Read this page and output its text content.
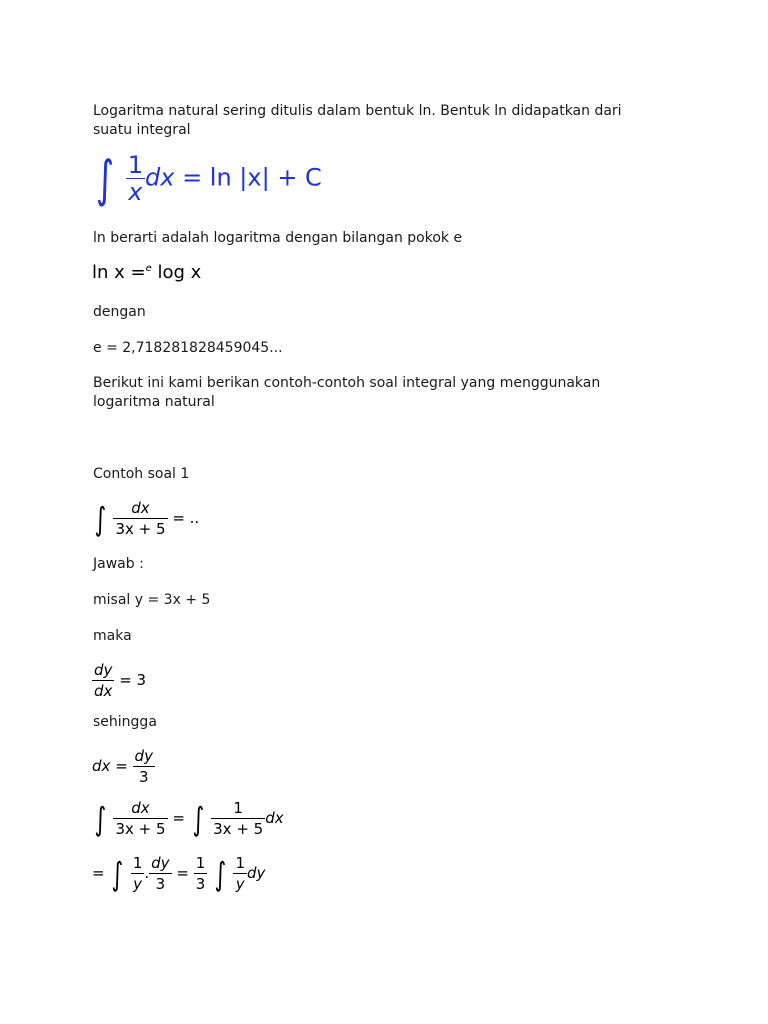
Logaritma natural sering ditulis dalam bentuk ln. Bentuk ln didapatkan dari suatu integral
∫ $\frac{1}{x}$ dx = ln |x| + C
ln berarti adalah logaritma dengan bilangan pokok e
ln x =$^e$ log x
dengan
e = 2,718281828459045...
Berikut ini kami berikan contoh-contoh soal integral yang menggunakan logaritma natural
Contoh soal 1
∫ $\frac{dx}{3x + 5}$ = ..
Jawab :
misal y = 3x + 5
maka
$\frac{dy}{dx} = 3$
sehingga
dx = $\frac{dy}{3}$
∫ $\frac{dx}{3x + 5}$ = ∫ $\frac{1}{3x + 5}$ dx
= ∫ $\frac{1}{y}$ . $\frac{dy}{3} = \frac{1}{3}$ ∫ $\frac{1}{y}$ dy
